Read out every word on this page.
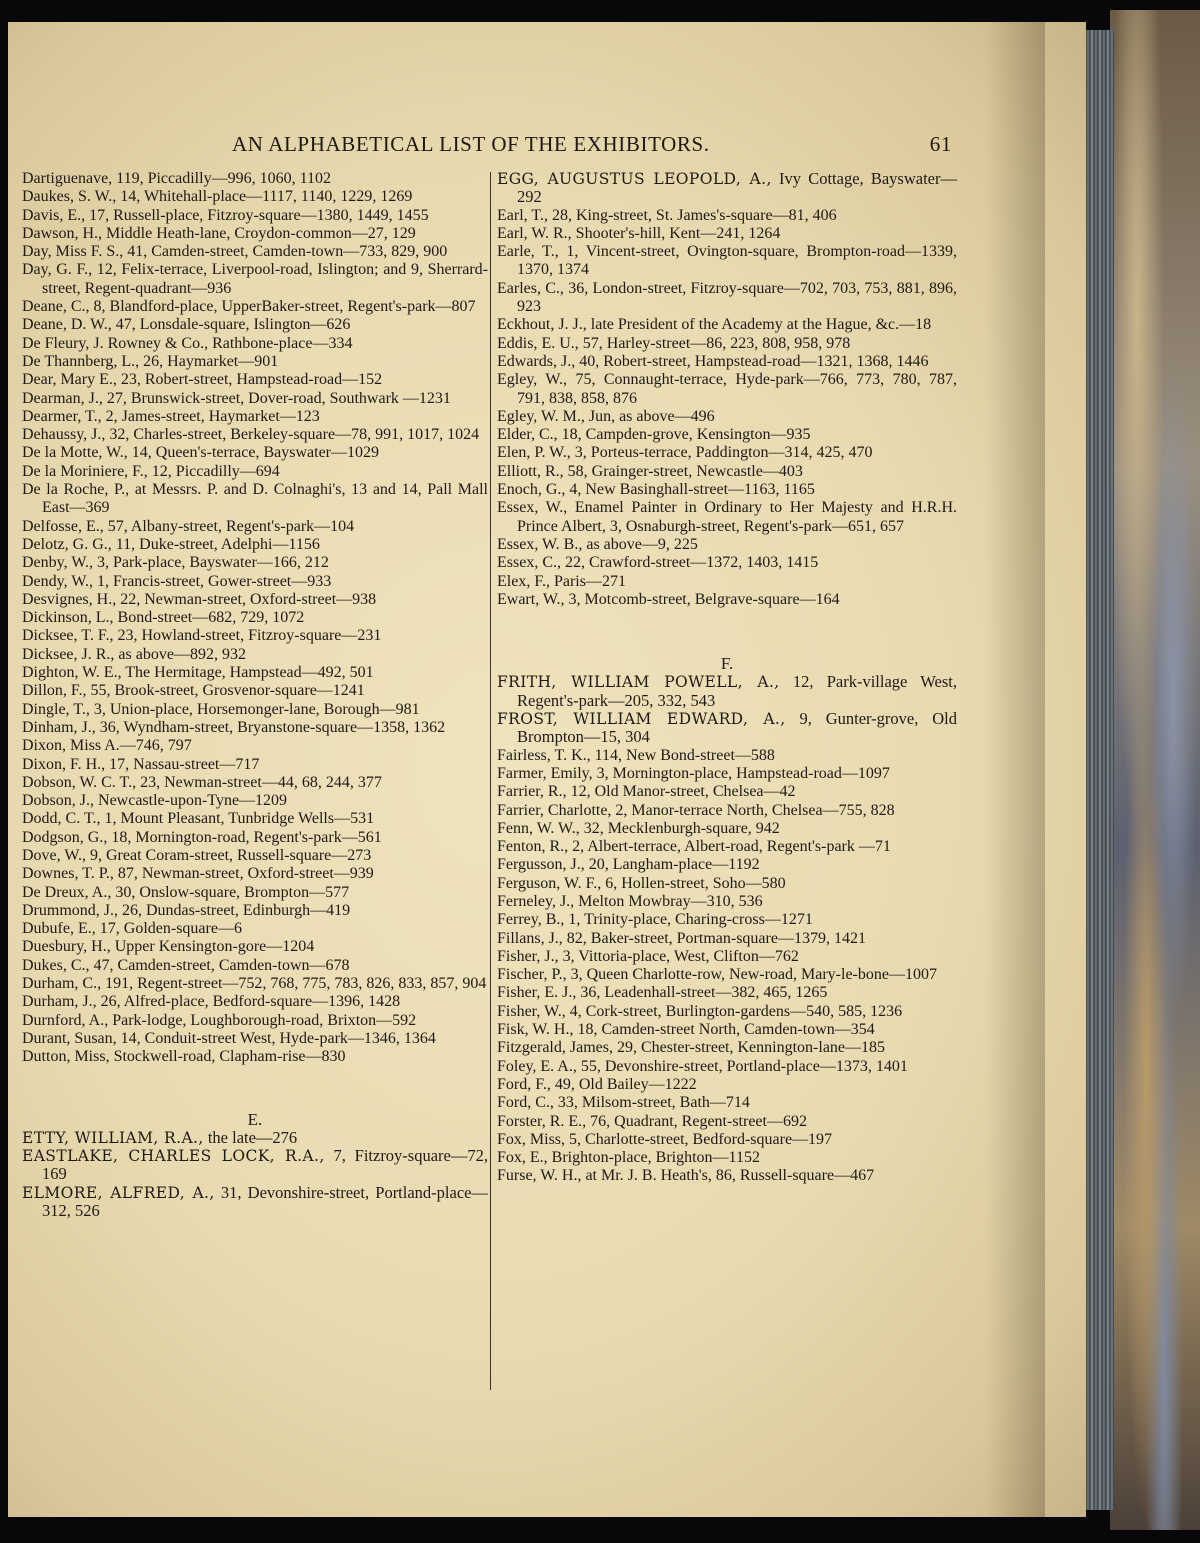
AN ALPHABETICAL LIST OF THE EXHIBITORS.	61

Dartiguenave, 119, Piccadilly—996, 1060, 1102

Daukes, S. W., 14, Whitehall-place—1117, 1140, 1229, 1269

Davis, E., 17, Russell-place, Fitzroy-square—1380, 1449, 1455

Dawson, H., Middle Heath-lane, Croydon-common—27, 129

Day, Miss F. S., 41, Camden-street, Camden-town—733, 829, 900

Day, G. F., 12, Felix-terrace, Liverpool-road, Islington; and 9, Sherrard-street, Regent-quadrant—936

Deane, C., 8, Blandford-place, UpperBaker-street, Regent's-park—807

Deane, D. W., 47, Lonsdale-square, Islington—626

De Fleury, J. Rowney & Co., Rathbone-place—334

De Thannberg, L., 26, Haymarket—901

Dear, Mary E., 23, Robert-street, Hampstead-road—152

Dearman, J., 27, Brunswick-street, Dover-road, Southwark —1231

Dearmer, T., 2, James-street, Haymarket—123

Dehaussy, J., 32, Charles-street, Berkeley-square—78, 991, 1017, 1024

De la Motte, W., 14, Queen's-terrace, Bayswater—1029

De la Moriniere, F., 12, Piccadilly—694

De la Roche, P., at Messrs. P. and D. Colnaghi's, 13 and 14, Pall Mall East—369

Delfosse, E., 57, Albany-street, Regent's-park—104

Delotz, G. G., 11, Duke-street, Adelphi—1156

Denby, W., 3, Park-place, Bayswater—166, 212

Dendy, W., 1, Francis-street, Gower-street—933

Desvignes, H., 22, Newman-street, Oxford-street—938

Dickinson, L., Bond-street—682, 729, 1072

Dicksee, T. F., 23, Howland-street, Fitzroy-square—231

Dicksee, J. R., as above—892, 932

Dighton, W. E., The Hermitage, Hampstead—492, 501

Dillon, F., 55, Brook-street, Grosvenor-square—1241

Dingle, T., 3, Union-place, Horsemonger-lane, Borough—981

Dinham, J., 36, Wyndham-street, Bryanstone-square—1358, 1362

Dixon, Miss A.—746, 797

Dixon, F. H., 17, Nassau-street—717

Dobson, W. C. T., 23, Newman-street—44, 68, 244, 377

Dobson, J., Newcastle-upon-Tyne—1209

Dodd, C. T., 1, Mount Pleasant, Tunbridge Wells—531

Dodgson, G., 18, Mornington-road, Regent's-park—561

Dove, W., 9, Great Coram-street, Russell-square—273

Downes, T. P., 87, Newman-street, Oxford-street—939

De Dreux, A., 30, Onslow-square, Brompton—577

Drummond, J., 26, Dundas-street, Edinburgh—419

Dubufe, E., 17, Golden-square—6

Duesbury, H., Upper Kensington-gore—1204

Dukes, C., 47, Camden-street, Camden-town—678

Durham, C., 191, Regent-street—752, 768, 775, 783, 826, 833, 857, 904

Durham, J., 26, Alfred-place, Bedford-square—1396, 1428

Durnford, A., Park-lodge, Loughborough-road, Brixton—592

Durant, Susan, 14, Conduit-street West, Hyde-park—1346, 1364

Dutton, Miss, Stockwell-road, Clapham-rise—830

E.

ETTY, WILLIAM, R.A., the late—276

EASTLAKE, CHARLES LOCK, R.A., 7, Fitzroy-square—72, 169

ELMORE, ALFRED, A., 31, Devonshire-street, Portland-place—312, 526

EGG, AUGUSTUS LEOPOLD, A., Ivy Cottage, Bayswater—292

Earl, T., 28, King-street, St. James's-square—81, 406

Earl, W. R., Shooter's-hill, Kent—241, 1264

Earle, T., 1, Vincent-street, Ovington-square, Brompton-road—1339, 1370, 1374

Earles, C., 36, London-street, Fitzroy-square—702, 703, 753, 881, 896, 923

Eckhout, J. J., late President of the Academy at the Hague, &c.—18

Eddis, E. U., 57, Harley-street—86, 223, 808, 958, 978

Edwards, J., 40, Robert-street, Hampstead-road—1321, 1368, 1446

Egley, W., 75, Connaught-terrace, Hyde-park—766, 773, 780, 787, 791, 838, 858, 876

Egley, W. M., Jun, as above—496

Elder, C., 18, Campden-grove, Kensington—935

Elen, P. W., 3, Porteus-terrace, Paddington—314, 425, 470

Elliott, R., 58, Grainger-street, Newcastle—403

Enoch, G., 4, New Basinghall-street—1163, 1165

Essex, W., Enamel Painter in Ordinary to Her Majesty and H.R.H. Prince Albert, 3, Osnaburgh-street, Regent's-park—651, 657

Essex, W. B., as above—9, 225

Essex, C., 22, Crawford-street—1372, 1403, 1415

Elex, F., Paris—271

Ewart, W., 3, Motcomb-street, Belgrave-square—164

F.

FRITH, WILLIAM POWELL, A., 12, Park-village West, Regent's-park—205, 332, 543

FROST, WILLIAM EDWARD, A., 9, Gunter-grove, Old Brompton—15, 304

Fairless, T. K., 114, New Bond-street—588

Farmer, Emily, 3, Mornington-place, Hampstead-road—1097

Farrier, R., 12, Old Manor-street, Chelsea—42

Farrier, Charlotte, 2, Manor-terrace North, Chelsea—755, 828

Fenn, W. W., 32, Mecklenburgh-square, 942

Fenton, R., 2, Albert-terrace, Albert-road, Regent's-park —71

Fergusson, J., 20, Langham-place—1192

Ferguson, W. F., 6, Hollen-street, Soho—580

Ferneley, J., Melton Mowbray—310, 536

Ferrey, B., 1, Trinity-place, Charing-cross—1271

Fillans, J., 82, Baker-street, Portman-square—1379, 1421

Fisher, J., 3, Vittoria-place, West, Clifton—762

Fischer, P., 3, Queen Charlotte-row, New-road, Mary-le-bone—1007

Fisher, E. J., 36, Leadenhall-street—382, 465, 1265

Fisher, W., 4, Cork-street, Burlington-gardens—540, 585, 1236

Fisk, W. H., 18, Camden-street North, Camden-town—354

Fitzgerald, James, 29, Chester-street, Kennington-lane—185

Foley, E. A., 55, Devonshire-street, Portland-place—1373, 1401

Ford, F., 49, Old Bailey—1222

Ford, C., 33, Milsom-street, Bath—714

Forster, R. E., 76, Quadrant, Regent-street—692

Fox, Miss, 5, Charlotte-street, Bedford-square—197

Fox, E., Brighton-place, Brighton—1152

Furse, W. H., at Mr. J. B. Heath's, 86, Russell-square—467
